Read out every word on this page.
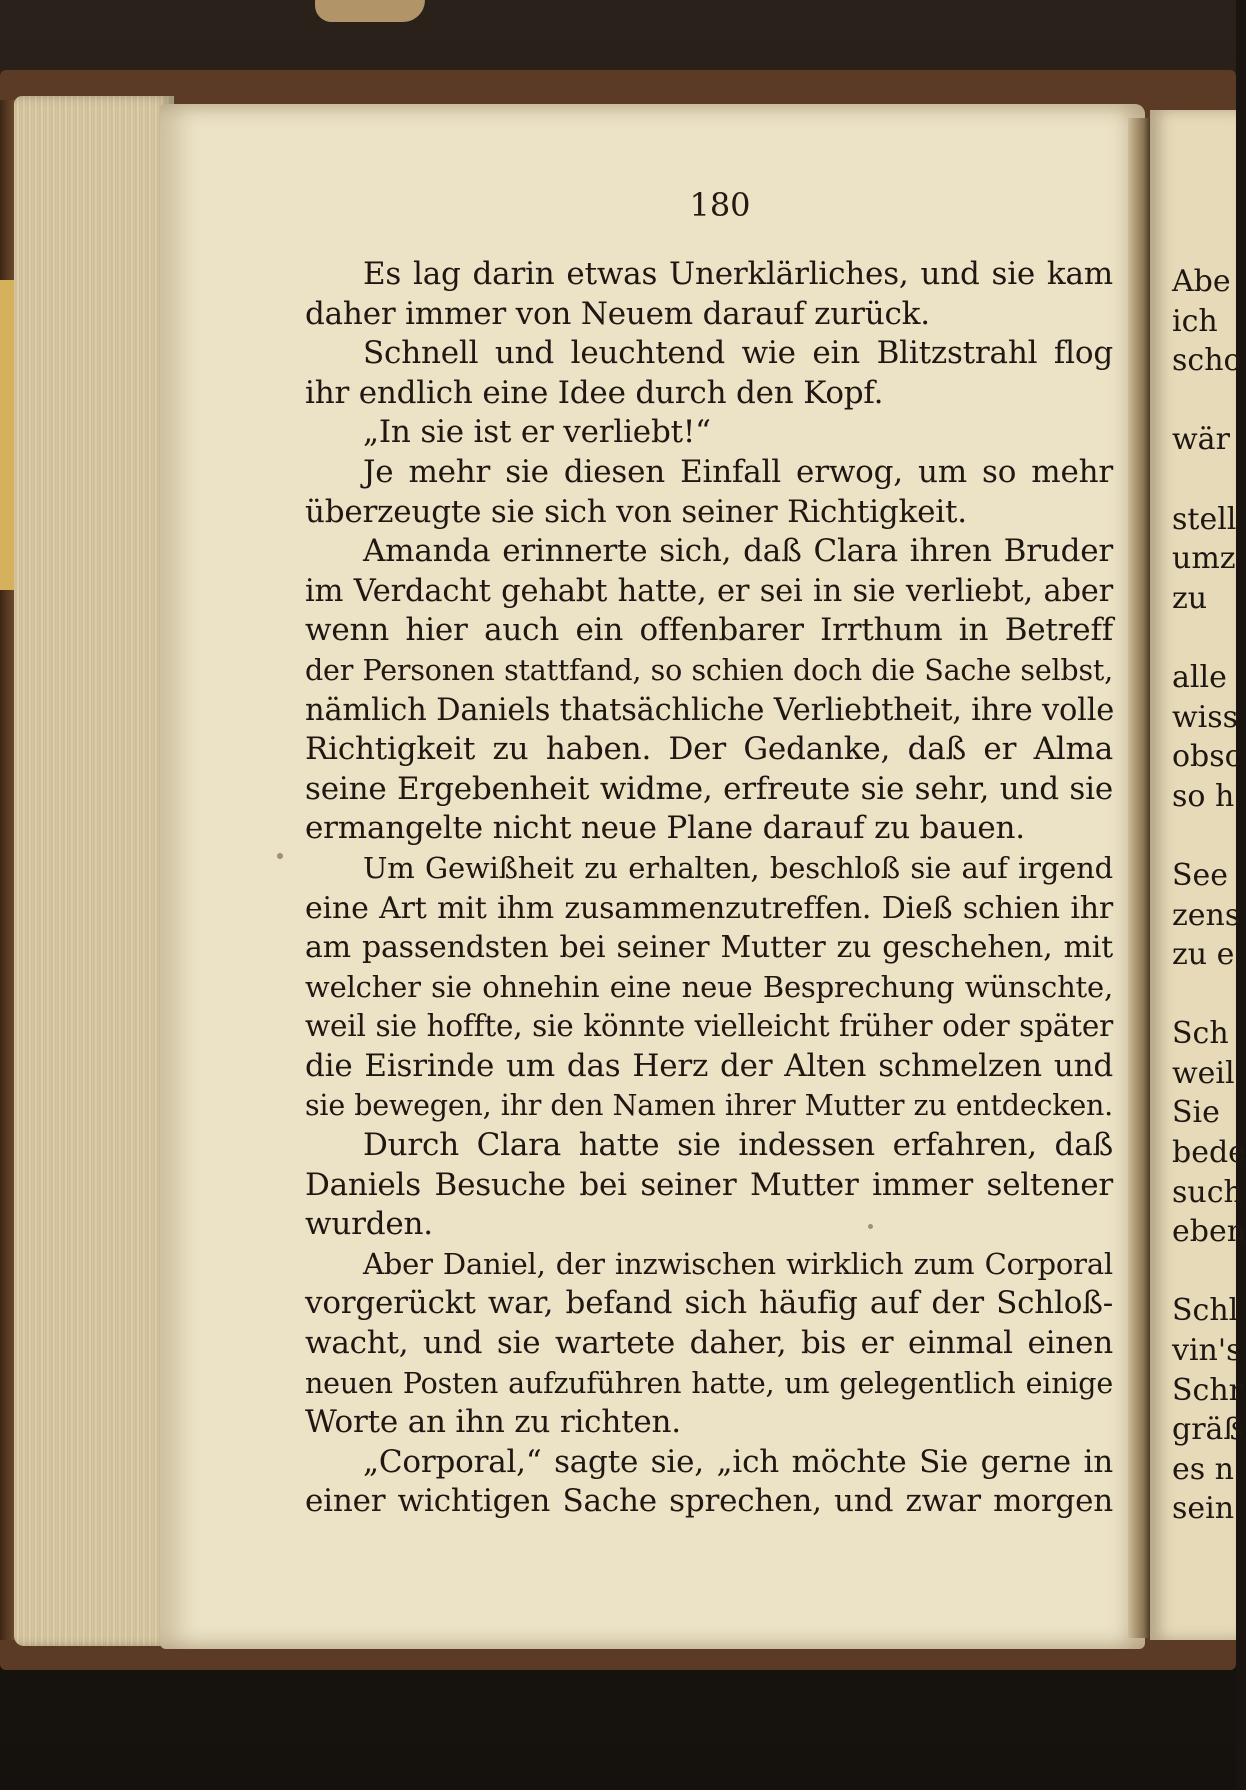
180
Es lag darin etwas Unerklärliches, und sie kam
daher immer von Neuem darauf zurück.
Schnell und leuchtend wie ein Blitzstrahl flog
ihr endlich eine Idee durch den Kopf.
„In sie ist er verliebt!“
Je mehr sie diesen Einfall erwog, um so mehr
überzeugte sie sich von seiner Richtigkeit.
Amanda erinnerte sich, daß Clara ihren Bruder
im Verdacht gehabt hatte, er sei in sie verliebt, aber
wenn hier auch ein offenbarer Irrthum in Betreff
der Personen stattfand, so schien doch die Sache selbst,
nämlich Daniels thatsächliche Verliebtheit, ihre volle
Richtigkeit zu haben. Der Gedanke, daß er Alma
seine Ergebenheit widme, erfreute sie sehr, und sie
ermangelte nicht neue Plane darauf zu bauen.
Um Gewißheit zu erhalten, beschloß sie auf irgend
eine Art mit ihm zusammenzutreffen. Dieß schien ihr
am passendsten bei seiner Mutter zu geschehen, mit
welcher sie ohnehin eine neue Besprechung wünschte,
weil sie hoffte, sie könnte vielleicht früher oder später
die Eisrinde um das Herz der Alten schmelzen und
sie bewegen, ihr den Namen ihrer Mutter zu entdecken.
Durch Clara hatte sie indessen erfahren, daß
Daniels Besuche bei seiner Mutter immer seltener
wurden.
Aber Daniel, der inzwischen wirklich zum Corporal
vorgerückt war, befand sich häufig auf der Schloß-
wacht, und sie wartete daher, bis er einmal einen
neuen Posten aufzuführen hatte, um gelegentlich einige
Worte an ihn zu richten.
„Corporal,“ sagte sie, „ich möchte Sie gerne in
einer wichtigen Sache sprechen, und zwar morgen
Abe
ich
scho
wär
stell
umz
zu
alle
wiss
obsc
so h
See
zens
zu e
Sch
weil
Sie
bede
such
eben
Schl
vin's
Schr
gräß
es n
sein
